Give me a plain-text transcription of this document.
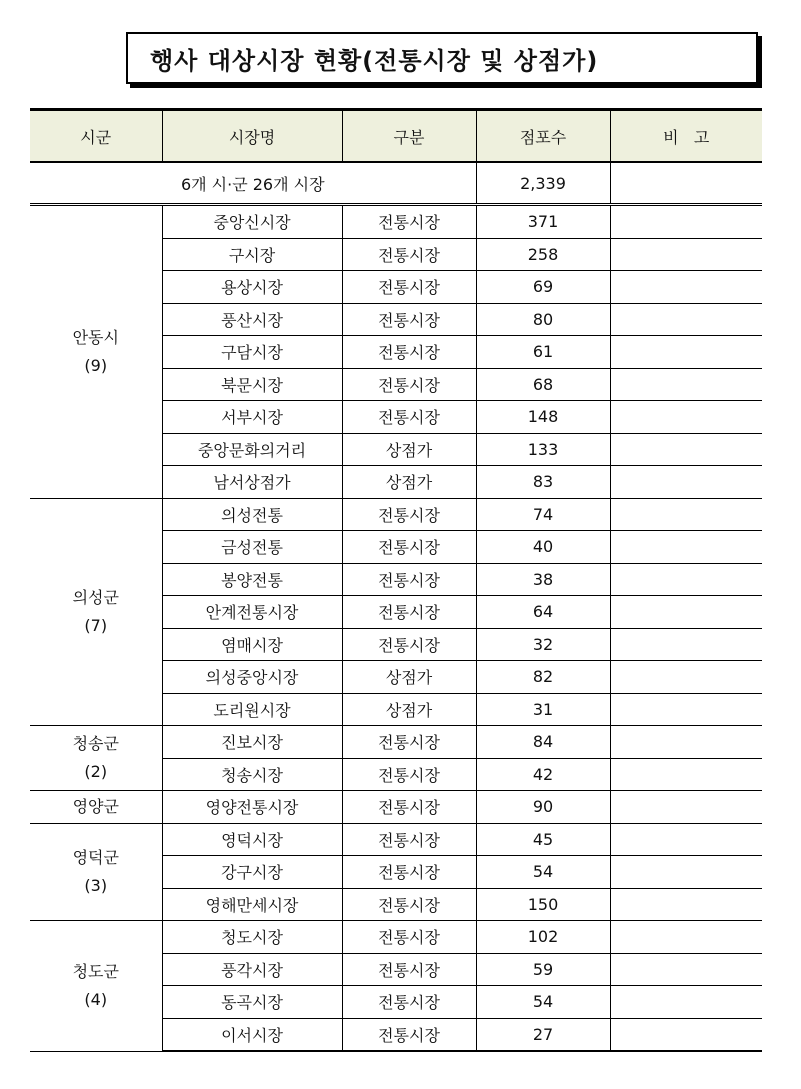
행사 대상시장 현황(전통시장 및 상점가)
시군	시장명	구분	점포수	비   고
6개 시·군 26개 시장			2,339	

안동시
(9)	중앙신시장	전통시장	371	
	구시장	전통시장	258	
	용상시장	전통시장	69	
	풍산시장	전통시장	80	
	구담시장	전통시장	61	
	북문시장	전통시장	68	
	서부시장	전통시장	148	
	중앙문화의거리	상점가	133	
	남서상점가	상점가	83	

의성군
(7)	의성전통	전통시장	74	
	금성전통	전통시장	40	
	봉양전통	전통시장	38	
	안계전통시장	전통시장	64	
	염매시장	전통시장	32	
	의성중앙시장	상점가	82	
	도리원시장	상점가	31	

청송군
(2)	진보시장	전통시장	84	
	청송시장	전통시장	42	

영양군	영양전통시장	전통시장	90	

영덕군
(3)	영덕시장	전통시장	45	
	강구시장	전통시장	54	
	영해만세시장	전통시장	150	

청도군
(4)	청도시장	전통시장	102	
	풍각시장	전통시장	59	
	동곡시장	전통시장	54	
	이서시장	전통시장	27	
